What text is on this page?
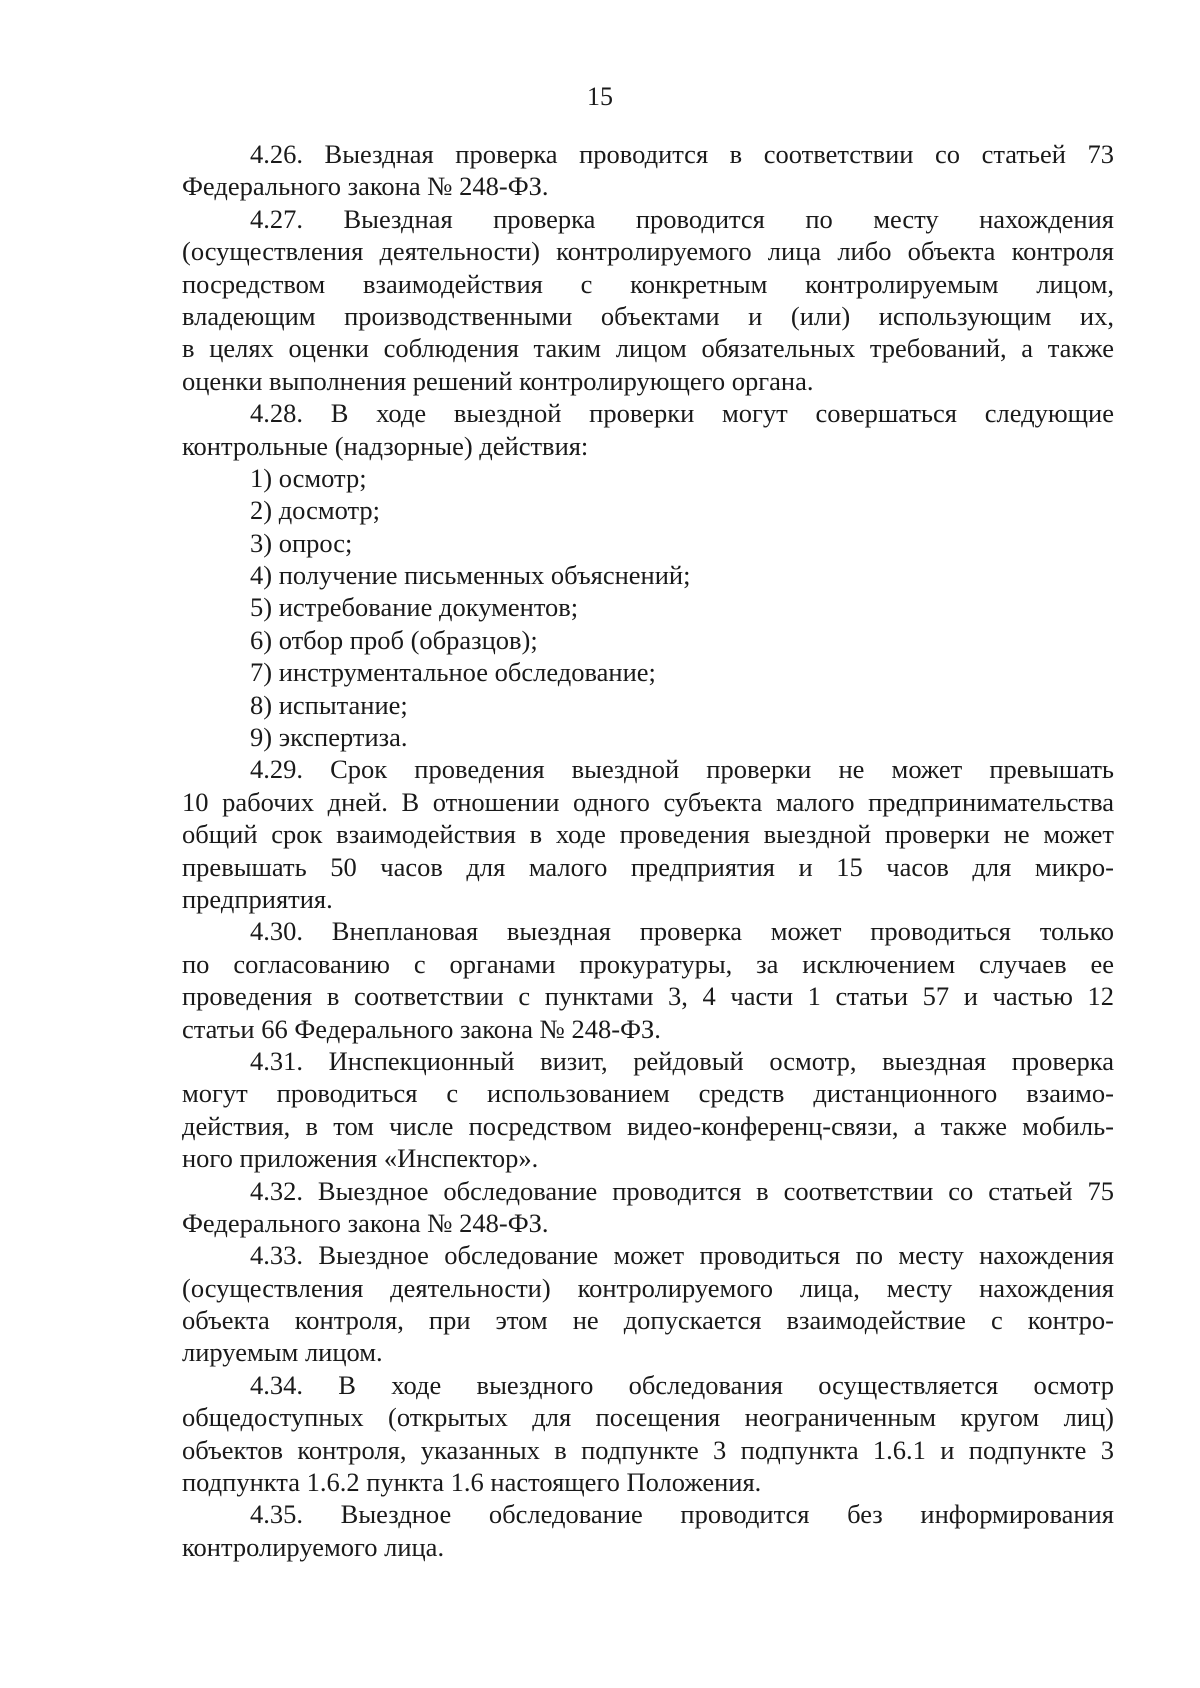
15
4.26. Выездная проверка проводится в соответствии со статьей 73
Федерального закона № 248-ФЗ.
4.27. Выездная проверка проводится по месту нахождения
(осуществления деятельности) контролируемого лица либо объекта контроля
посредством взаимодействия с конкретным контролируемым лицом,
владеющим производственными объектами и (или) использующим их,
в целях оценки соблюдения таким лицом обязательных требований, а также
оценки выполнения решений контролирующего органа.
4.28. В ходе выездной проверки могут совершаться следующие
контрольные (надзорные) действия:
1) осмотр;
2) досмотр;
3) опрос;
4) получение письменных объяснений;
5) истребование документов;
6) отбор проб (образцов);
7) инструментальное обследование;
8) испытание;
9) экспертиза.
4.29. Срок проведения выездной проверки не может превышать
10 рабочих дней. В отношении одного субъекта малого предпринимательства
общий срок взаимодействия в ходе проведения выездной проверки не может
превышать 50 часов для малого предприятия и 15 часов для микро-
предприятия.
4.30. Внеплановая выездная проверка может проводиться только
по согласованию с органами прокуратуры, за исключением случаев ее
проведения в соответствии с пунктами 3, 4 части 1 статьи 57 и частью 12
статьи 66 Федерального закона № 248-ФЗ.
4.31. Инспекционный визит, рейдовый осмотр, выездная проверка
могут проводиться с использованием средств дистанционного взаимо-
действия, в том числе посредством видео-конференц-связи, а также мобиль-
ного приложения «Инспектор».
4.32. Выездное обследование проводится в соответствии со статьей 75
Федерального закона № 248-ФЗ.
4.33. Выездное обследование может проводиться по месту нахождения
(осуществления деятельности) контролируемого лица, месту нахождения
объекта контроля, при этом не допускается взаимодействие с контро-
лируемым лицом.
4.34. В ходе выездного обследования осуществляется осмотр
общедоступных (открытых для посещения неограниченным кругом лиц)
объектов контроля, указанных в подпункте 3 подпункта 1.6.1 и подпункте 3
подпункта 1.6.2 пункта 1.6 настоящего Положения.
4.35. Выездное обследование проводится без информирования
контролируемого лица.
